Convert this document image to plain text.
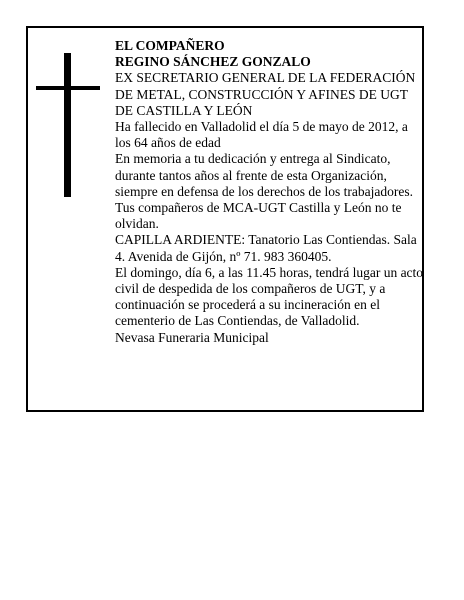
EL COMPAÑERO

REGINO SÁNCHEZ GONZALO

EX SECRETARIO GENERAL DE LA FEDERACIÓN DE METAL, CONSTRUCCIÓN Y AFINES DE UGT DE CASTILLA Y LEÓN

Ha fallecido en Valladolid el día 5 de mayo de 2012, a los 64 años de edad

En memoria a tu dedicación y entrega al Sindicato, durante tantos años al frente de esta Organización, siempre en defensa de los derechos de los trabajadores.

Tus compañeros de MCA-UGT Castilla y León no te olvidan.

CAPILLA ARDIENTE: Tanatorio Las Contiendas. Sala 4. Avenida de Gijón, nº 71. 983 360405.

El domingo, día 6, a las 11.45 horas, tendrá lugar un acto civil de despedida de los compañeros de UGT, y a continuación se procederá a su incineración en el cementerio de Las Contiendas, de Valladolid.

Nevasa Funeraria Municipal
